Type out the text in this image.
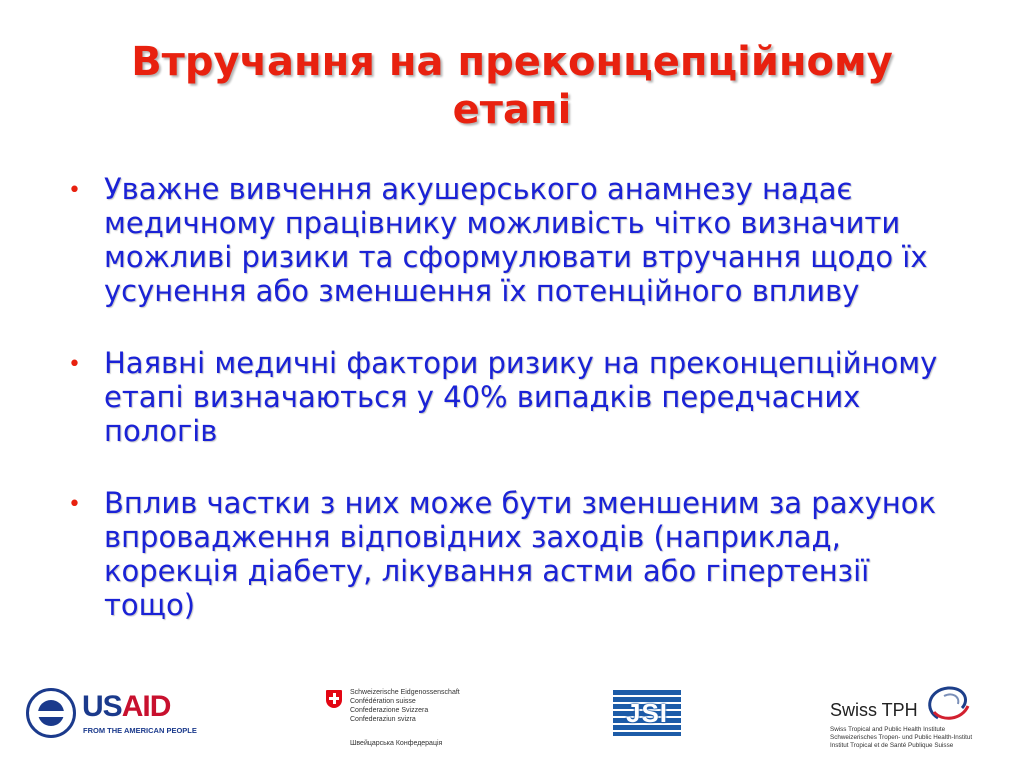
Втручання на преконцепційному
етапі
• Уважне вивчення акушерського анамнезу надає медичному працівнику можливість чітко визначити можливі ризики та сформулювати втручання щодо їх усунення або зменшення їх потенційного впливу
• Наявні медичні фактори ризику на преконцепційному етапі визначаються у 40% випадків передчасних пологів
• Вплив частки з них може бути зменшеним за рахунок впровадження відповідних заходів (наприклад, корекція діабету, лікування астми або гіпертензії тощо)
USAID
FROM THE AMERICAN PEOPLE
Schweizerische Eidgenossenschaft
Confédération suisse
Confederazione Svizzera
Confederaziun svizra
Швейцарська Конфедерація
JSI	Swiss TPH
Swiss Tropical and Public Health Institute
Schweizerisches Tropen- und Public Health-Institut
Institut Tropical et de Santé Publique Suisse
